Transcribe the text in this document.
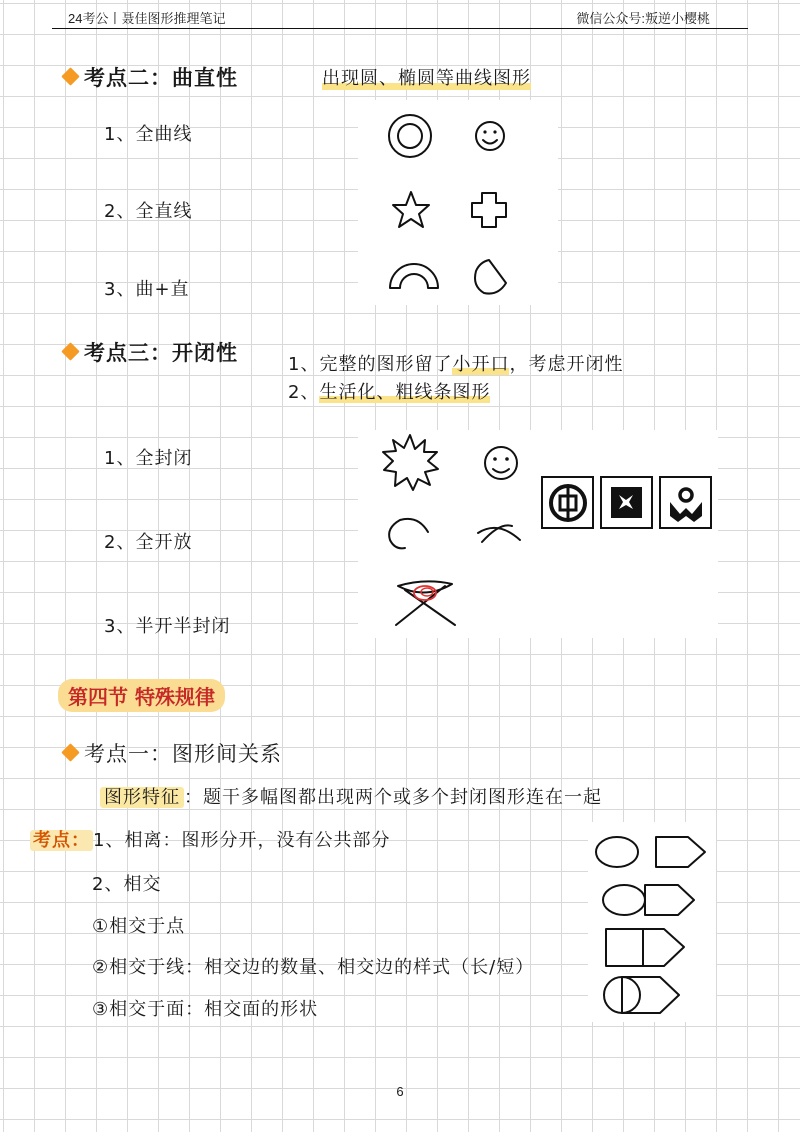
24考公丨聂佳图形推理笔记	微信公众号:叛逆小樱桃
考点二：曲直性	出现圆、椭圆等曲线图形
1、全曲线
2、全直线
3、曲+直
考点三：开闭性	1、完整的图形留了小开口，考虑开闭性
2、生活化、粗线条图形
1、全封闭
2、全开放
3、半开半封闭
第四节 特殊规律
考点一：图形间关系
图形特征 ：题干多幅图都出现两个或多个封闭图形连在一起
考点： 1、相离：图形分开，没有公共部分
2、相交
①相交于点
②相交于线：相交边的数量、相交边的样式（长/短）
③相交于面：相交面的形状
6
